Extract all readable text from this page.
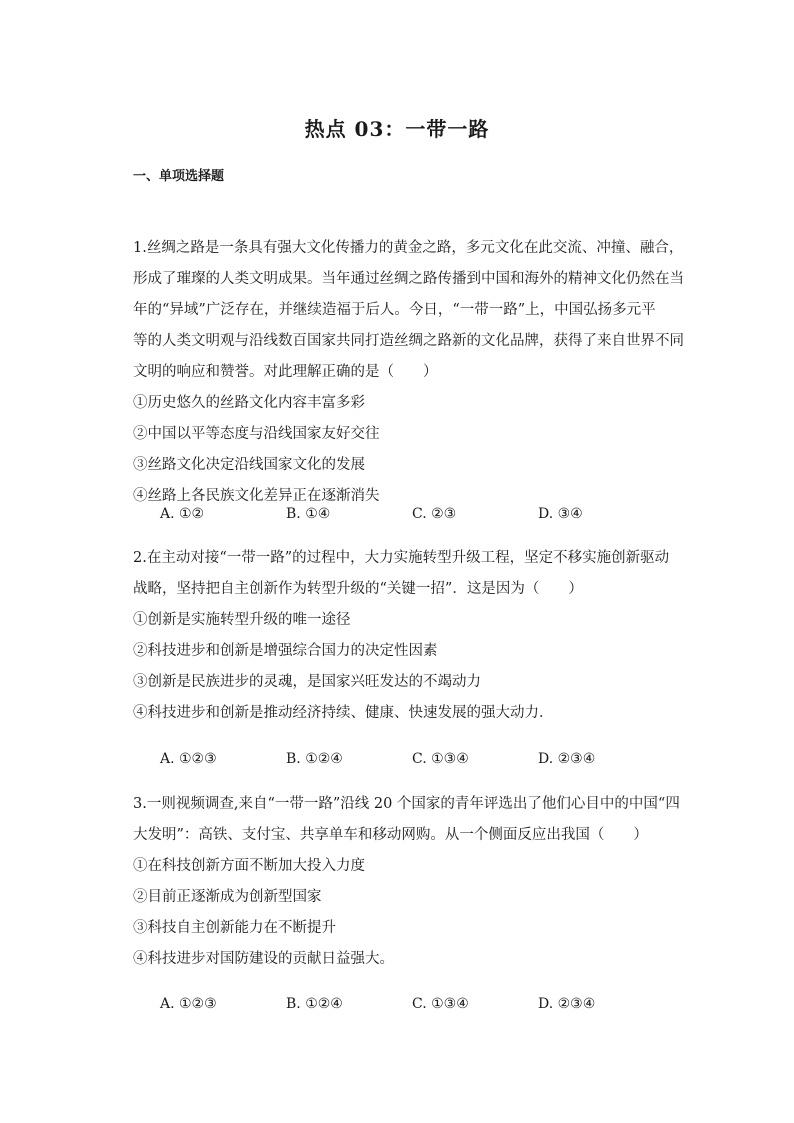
热点 03：一带一路
一、单项选择题
1.丝绸之路是一条具有强大文化传播力的黄金之路，多元文化在此交流、冲撞、融合，
形成了璀璨的人类文明成果。当年通过丝绸之路传播到中国和海外的精神文化仍然在当
年的“异域”广泛存在，并继续造福于后人。今日，“一带一路”上，中国弘扬多元平
等的人类文明观与沿线数百国家共同打造丝绸之路新的文化品牌，获得了来自世界不同
文明的响应和赞誉。对此理解正确的是（　　）
①历史悠久的丝路文化内容丰富多彩
②中国以平等态度与沿线国家友好交往
③丝路文化决定沿线国家文化的发展
④丝路上各民族文化差异正在逐渐消失
A. ①②	B. ①④	C. ②③	D. ③④
2.在主动对接“一带一路”的过程中，大力实施转型升级工程，坚定不移实施创新驱动
战略，坚持把自主创新作为转型升级的“关键一招”．这是因为（　　）
①创新是实施转型升级的唯一途径
②科技进步和创新是增强综合国力的决定性因素
③创新是民族进步的灵魂，是国家兴旺发达的不竭动力
④科技进步和创新是推动经济持续、健康、快速发展的强大动力．
A. ①②③	B. ①②④	C. ①③④	D. ②③④
3.一则视频调查,来自“一带一路”沿线 20 个国家的青年评选出了他们心目中的中国“四
大发明”：高铁、支付宝、共享单车和移动网购。从一个侧面反应出我国（　　）
①在科技创新方面不断加大投入力度
②目前正逐渐成为创新型国家
③科技自主创新能力在不断提升
④科技进步对国防建设的贡献日益强大。
A. ①②③	B. ①②④	C. ①③④	D. ②③④
